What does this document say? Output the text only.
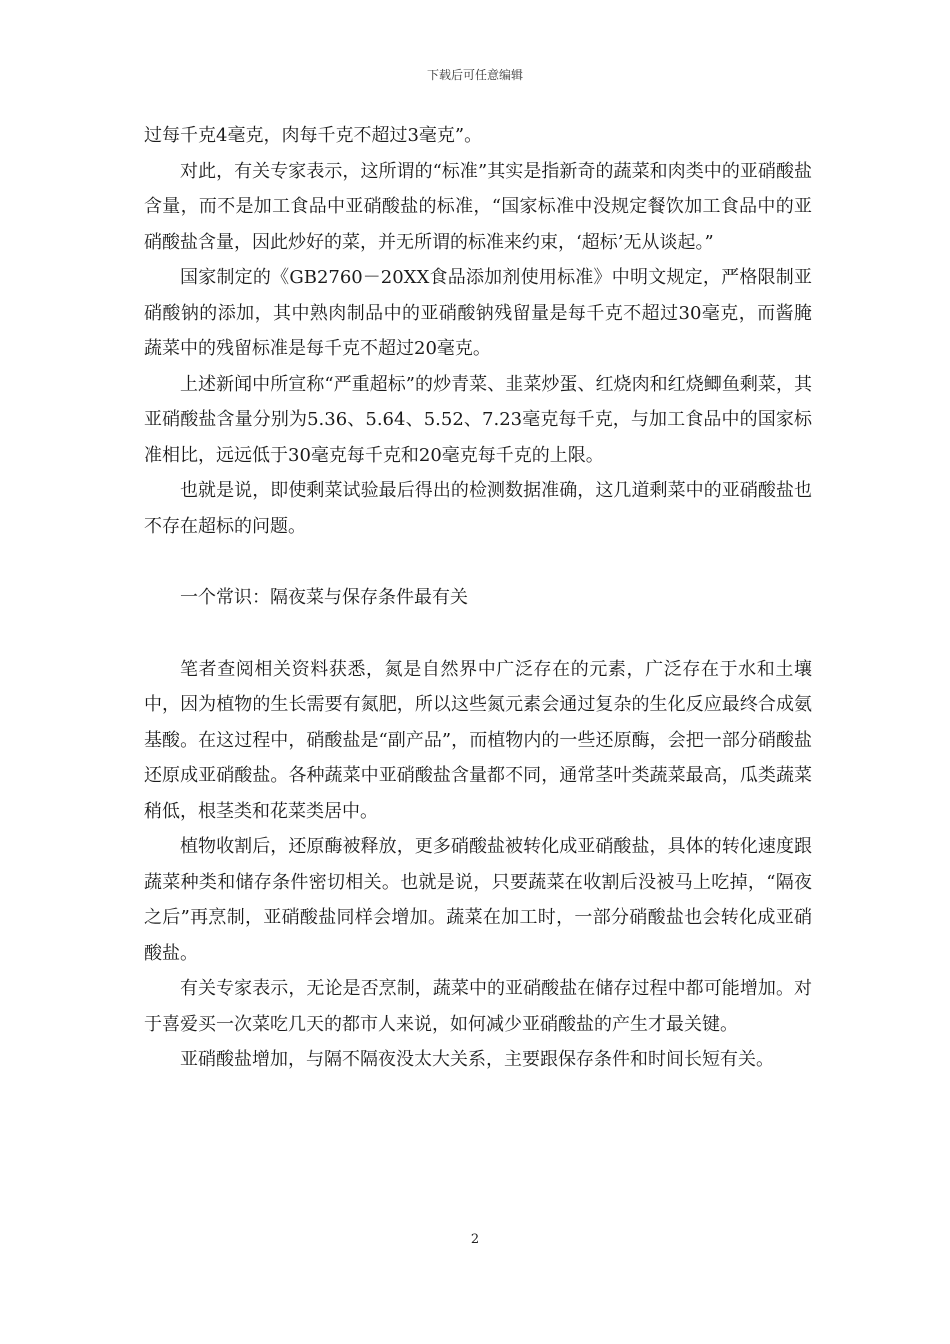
下载后可任意编辑

过每千克4毫克，肉每千克不超过3毫克”。

对此，有关专家表示，这所谓的“标准”其实是指新奇的蔬菜和肉类中的亚硝酸盐含量，而不是加工食品中亚硝酸盐的标准，“国家标准中没规定餐饮加工食品中的亚硝酸盐含量，因此炒好的菜，并无所谓的标准来约束，‘超标’无从谈起。”

国家制定的《GB2760－20XX食品添加剂使用标准》中明文规定，严格限制亚硝酸钠的添加，其中熟肉制品中的亚硝酸钠残留量是每千克不超过30毫克，而酱腌蔬菜中的残留标准是每千克不超过20毫克。

上述新闻中所宣称“严重超标”的炒青菜、韭菜炒蛋、红烧肉和红烧鲫鱼剩菜，其亚硝酸盐含量分别为5.36、5.64、5.52、7.23毫克每千克，与加工食品中的国家标准相比，远远低于30毫克每千克和20毫克每千克的上限。

也就是说，即使剩菜试验最后得出的检测数据准确，这几道剩菜中的亚硝酸盐也不存在超标的问题。

一个常识：隔夜菜与保存条件最有关

笔者查阅相关资料获悉，氮是自然界中广泛存在的元素，广泛存在于水和土壤中，因为植物的生长需要有氮肥，所以这些氮元素会通过复杂的生化反应最终合成氨基酸。在这过程中，硝酸盐是“副产品”，而植物内的一些还原酶，会把一部分硝酸盐还原成亚硝酸盐。各种蔬菜中亚硝酸盐含量都不同，通常茎叶类蔬菜最高，瓜类蔬菜稍低，根茎类和花菜类居中。

植物收割后，还原酶被释放，更多硝酸盐被转化成亚硝酸盐，具体的转化速度跟蔬菜种类和储存条件密切相关。也就是说，只要蔬菜在收割后没被马上吃掉，“隔夜之后”再烹制，亚硝酸盐同样会增加。蔬菜在加工时，一部分硝酸盐也会转化成亚硝酸盐。

有关专家表示，无论是否烹制，蔬菜中的亚硝酸盐在储存过程中都可能增加。对于喜爱买一次菜吃几天的都市人来说，如何减少亚硝酸盐的产生才最关键。

亚硝酸盐增加，与隔不隔夜没太大关系，主要跟保存条件和时间长短有关。

2
